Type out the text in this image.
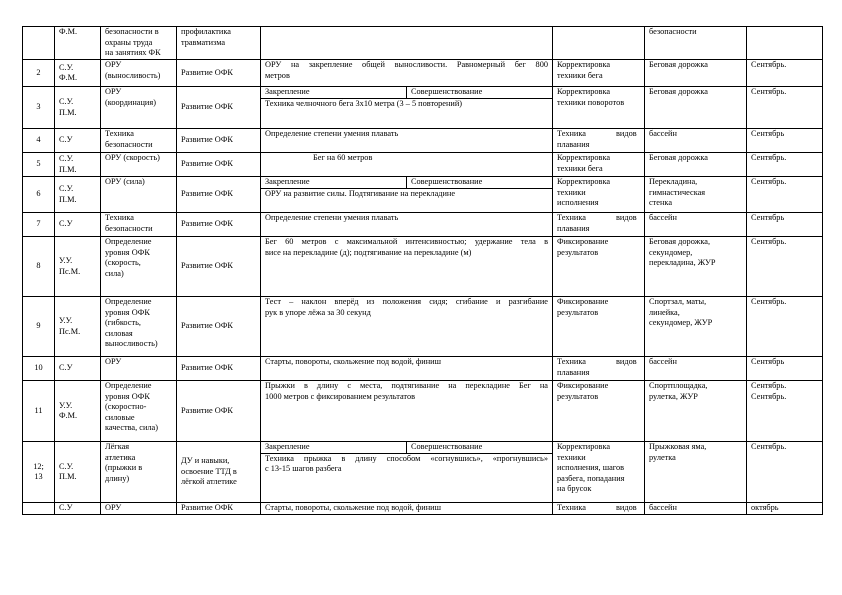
	Ф.М.	безопасности в
охраны труда
на занятиях ФК	профилактика
травматизма			безопасности	

2	С.У.
Ф.М.	ОРУ
(выносливость)	Развитие ОФК	ОРУ на закрепление общей выносливости. Равномерный бег 800
метров	Корректировка
техники бега	Беговая дорожка	Сентябрь.

3	С.У.
П.М.	ОРУ
(координация)	Развитие ОФК	Закрепление Совершенствование
Техника челночного бега 3х10 метра (3 – 5 повторений)	Корректировка
техники поворотов	Беговая дорожка	Сентябрь.

4	С.У	Техника
безопасности	Развитие ОФК	Определение степени умения плавать	Техника видов
плавания	бассейн	Сентябрь

5	С.У.
П.М.	ОРУ (скорость)	Развитие ОФК	Бег на 60 метров	Корректировка
техники бега	Беговая дорожка	Сентябрь.

6	С.У.
П.М.	ОРУ (сила)	Развитие ОФК	Закрепление Совершенствование
ОРУ на развитие силы. Подтягивание на перекладине	Корректировка
техники
исполнения	Перекладина,
гимнастическая
стенка	Сентябрь.

7	С.У	Техника
безопасности	Развитие ОФК	Определение степени умения плавать	Техника видов
плавания	бассейн	Сентябрь

8	У.У.
Пс.М.	Определение
уровня ОФК
(скорость,
сила)	Развитие ОФК	Бег 60 метров с максимальной интенсивностью; удержание тела в
висе на перекладине (д); подтягивание на перекладине (м)	Фиксирование
результатов	Беговая дорожка,
секундомер,
перекладина, ЖУР	Сентябрь.

9	У.У.
Пс.М.	Определение
уровня ОФК
(гибкость,
силовая
выносливость)	Развитие ОФК	Тест – наклон вперёд из положения сидя; сгибание и разгибание
рук в упоре лёжа за 30 секунд	Фиксирование
результатов	Спортзал, маты,
линейка,
секундомер, ЖУР	Сентябрь.

10	С.У	ОРУ	Развитие ОФК	Старты, повороты, скольжение под водой, финиш	Техника видов
плавания	бассейн	Сентябрь

11	У.У.
Ф.М.	Определение
уровня ОФК
(скоростно-
силовые
качества, сила)	Развитие ОФК	Прыжки в длину с места, подтягивание на перекладине Бег на
1000 метров с фиксированием результатов	Фиксирование
результатов	Спортплощадка,
рулетка, ЖУР	Сентябрь.
Сентябрь.

12;
13	С.У.
П.М.	Лёгкая
атлетика
(прыжки в
длину)	ДУ и навыки,
освоение ТТД в
лёгкой атлетике	Закрепление Совершенствование
Техника прыжка в длину способом «согнувшись», «прогнувшись»
с 13-15 шагов разбега	Корректировка
техники
исполнения, шагов
разбега, попадания
на брусок	Прыжковая яма,
рулетка	Сентябрь.

	С.У	ОРУ	Развитие ОФК	Старты, повороты, скольжение под водой, финиш	Техника видов	бассейн	октябрь
